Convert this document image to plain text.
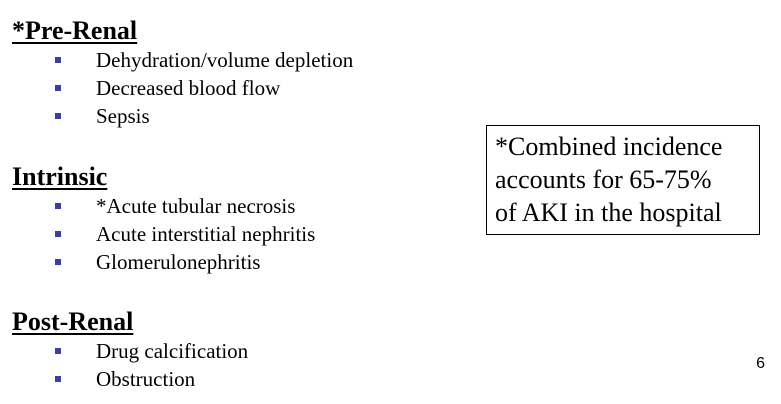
*Pre-Renal
Dehydration/volume depletion
Decreased blood flow
Sepsis
Intrinsic
*Acute tubular necrosis
Acute interstitial nephritis
Glomerulonephritis
Post-Renal
Drug calcification
Obstruction
*Combined incidence
accounts for 65-75%
of AKI in the hospital
6
